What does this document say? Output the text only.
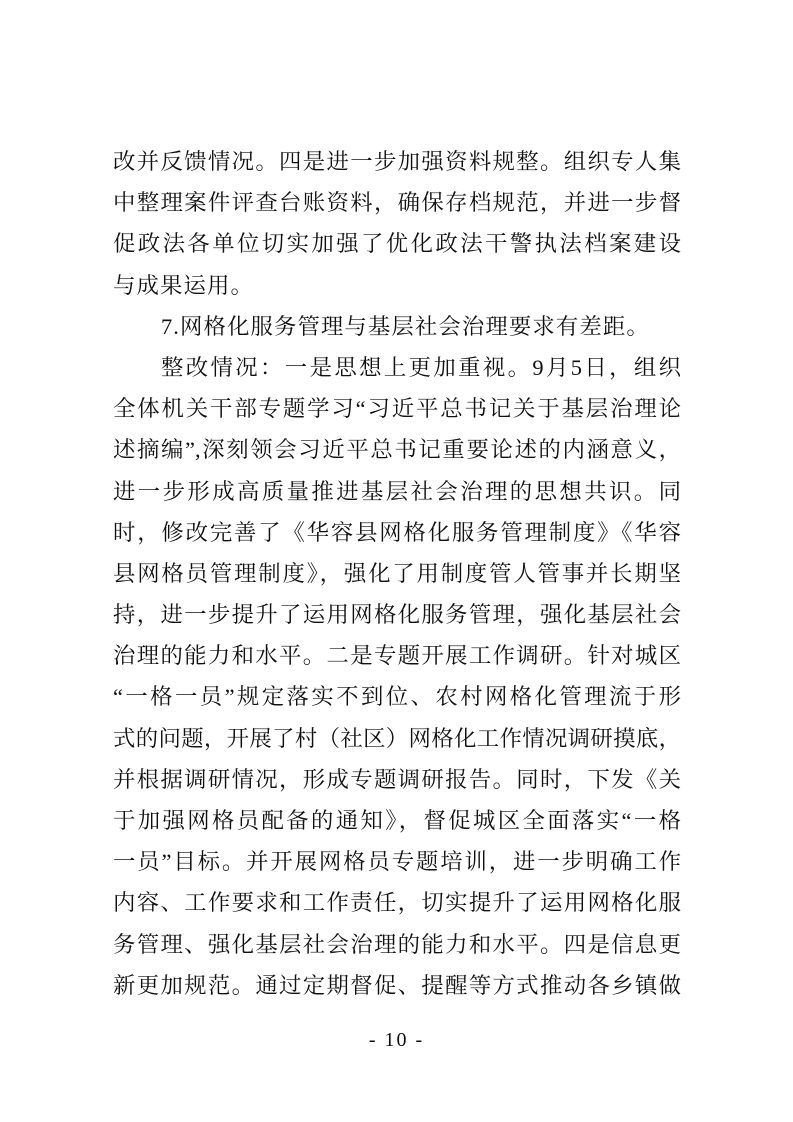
改并反馈情况。四是进一步加强资料规整。组织专人集
中整理案件评查台账资料，确保存档规范，并进一步督
促政法各单位切实加强了优化政法干警执法档案建设
与成果运用。
7.网格化服务管理与基层社会治理要求有差距。
整改情况：一是思想上更加重视。9月5日，组织
全体机关干部专题学习“习近平总书记关于基层治理论
述摘编”,深刻领会习近平总书记重要论述的内涵意义，
进一步形成高质量推进基层社会治理的思想共识。同
时，修改完善了《华容县网格化服务管理制度》《华容
县网格员管理制度》，强化了用制度管人管事并长期坚
持，进一步提升了运用网格化服务管理，强化基层社会
治理的能力和水平。二是专题开展工作调研。针对城区
“一格一员”规定落实不到位、农村网格化管理流于形
式的问题，开展了村（社区）网格化工作情况调研摸底，
并根据调研情况，形成专题调研报告。同时，下发《关
于加强网格员配备的通知》，督促城区全面落实“一格
一员”目标。并开展网格员专题培训，进一步明确工作
内容、工作要求和工作责任，切实提升了运用网格化服
务管理、强化基层社会治理的能力和水平。四是信息更
新更加规范。通过定期督促、提醒等方式推动各乡镇做
- 10 -
